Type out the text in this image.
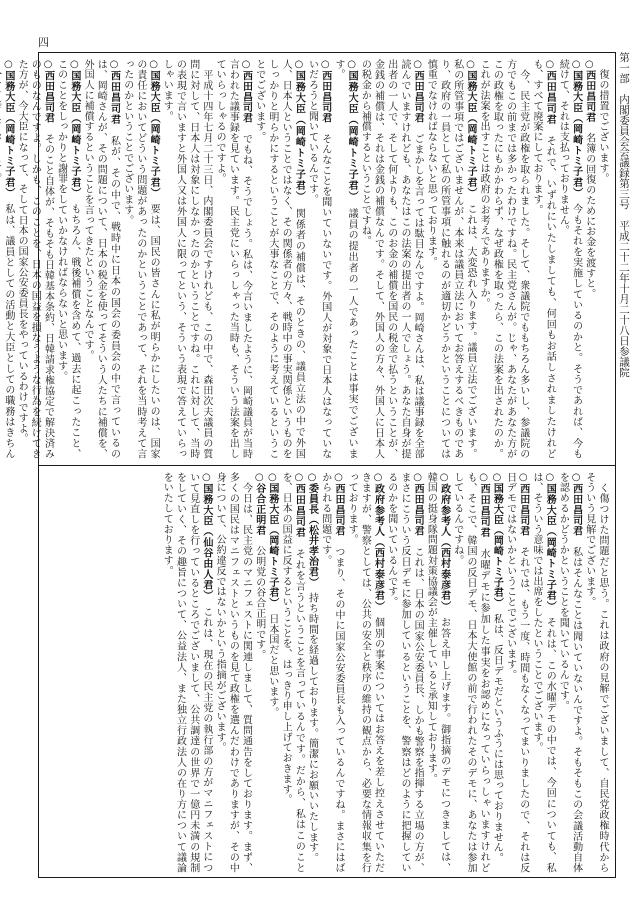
四
第一部　内閣委員会会議録第三号　平成二十二年十月二十八日参議院

　復の措置でございます。

○西田昌司君　名簿の回復のためにお金を渡すと。

○国務大臣（岡崎トミ子君）　今もそれを実施しているのかと。そうであれば、今も続けて、それは支払っておりません。

○西田昌司君　それで、いずれにいたしましても、何回もお話しされましたけれども、すべて廃案にしております。

　今、民主党が政権を取られました。そして、衆議院でももちろん多いし、参議院の方でもこの前までは多かったわけですね。民主党さんが。じゃ、あなたがあなた方がこの政権を取ったにもかかわらず、なぜ政権を取ったら、この法案を出されたのか。これが法案を出すことは政府のお考えでありますか。

○国務大臣（岡崎トミ子君）　これは、大変恐れ入ります。議員立法でございます。私の所管事項ではございませんが、本来は議員立法においてお答えするべきものであり、政府の一員として私の所管事項に触れるのが適切かどうかということについては慎重でなければならないと思っております。

○西田昌司君　ごまかしを言っては駄目なんですよ。岡崎さんは、私は議事録を全部読んでいますけれども、あなたはこの法案の提出者の一人でしょう。あなた自身が提出者の一人で、そして何よりも、このお金の補償を国民の税金で払うということが、金銭の補償は、それは金銭の補償なんです。そして、外国人の方々、外国人に日本人の税金から補償するということですね。

○国務大臣（岡崎トミ子君）　議員の提出者の一人であったことは事実でございます。

○西田昌司君　そんなことを聞いていないです。外国人が対象で日本人はなっていないだろうと聞いているんです。

○国務大臣（岡崎トミ子君）　関係者の補償は、そのときの、議員立法の中で外国人、日本人ということではなく、その関係者の方々、戦時中の事実関係というものをしっかりと明らかにするということが大事なことで、そのように考えているということでございます。

○西田昌司君　でもね、そうでしょう。私は、今言いましたように、岡崎議員が当時言われた議事録を見ています。民主党にいらっしゃった当時も、そういう法案を出していらっしゃるのですよ。

　平成十四年七月二十三日、内閣委員会ですけれども、この中で、森田次夫議員の質問に対して、日本人は対象にしなかったのかということですね。これに対して、当時の表現で言いますと外国人又は外国人に限ってという、そういう表現で答えていらっしゃいます。

○国務大臣（岡崎トミ子君）　要は、国民の皆さんに私が明らかにしたいのは、国家の責任においてどういう問題があったのかということであって、それを当時考えて言ったのかということでございます。

○西田昌司君　私が、その中で、戦時中に日本の国会の委員会の中で言っているのは、岡崎さんが、その問題について、日本の税金を使ってそういう人たちに補償を、外国人に補償するということを言ってきたということなんです。

○国務大臣（岡崎トミ子君）　もちろん、戦後補償を含めて、過去に起こったこと、このことをしっかりと謝罪をしていかなければならないと思います。

○西田昌司君　そのこと自体が、そもそも日韓基本条約、日韓請求権協定で解決済みのものなんですよ。しかも、このことを、日本の国益を損なうような行為を続けてきた方が、今大臣になって、そして日本の国家公安委員長をやっているわけですよ。

○国務大臣（岡崎トミ子君）　私は、議員としての活動と大臣としての職務はきちん

　く傷つけた問題だと思う。これは政府の見解でございまして、自民党政権時代からそういう見解でございます。

○西田昌司君　私はそんなことは聞いていないんですよ。そもそもこの会議活動自体を認めるかどうかということを聞いているんです。

○国務大臣（岡崎トミ子君）　それは、この水曜デモの中では、今回についても、私は、そういう意味では出席をしたということでございます。

○西田昌司君　それでは、もう一度、時間もなくなってまいりましたので、それは反日デモではないかということでございます。

○国務大臣（岡崎トミ子君）　私は、反日デモだというふうには思っておりません。

○西田昌司君　水曜デモに参加した事実をお認めになっていらっしゃいますけれども、そこで、韓国の反日デモ、日本大使館の前で行われたそのデモに、あなたは参加しているんですね。

○政府参考人（西村泰彦君）　お答え申し上げます。御指摘のデモにつきましては、韓国の挺身隊問題対策協議会が主催していると承知しております。

○西田昌司君　これは、日本の国家公安委員長、しかも警察を指揮する立場の方が、まさにこういう反日デモに参加しているということを、警察はどのように把握しているのかを聞いているんです。

○政府参考人（西村泰彦君）　個別の事案についてはお答えを差し控えさせていただきますが、警察としては、公共の安全と秩序の維持の観点から、必要な情報収集を行っております。

○西田昌司君　つまり、その中に国家公安委員長も入っているんですね。まさにはばかられる問題です。

○委員長（松井孝治君）　持ち時間を経過しております。簡潔にお願いいたします。

○西田昌司君　それを言うということを言っているんです。だから、私はこのことを、日本の国益に反するということを、はっきり申し上げておきます。

○国務大臣（岡崎トミ子君）　日本国だと思います。

○谷合正明君　公明党の谷合正明です。

　今日は、民主党のマニフェストに関連しまして、質問通告をしております。まず、多くの国民はマニフェストというものを見て政権を選んだわけでありますが、その中身について、公約違反ではないかという指摘がございます。

○国務大臣（仙谷由人君）　これは、現在の民主党の執行部の方がマニフェストについて見直しを行っているところでございまして、公共調達の世界で一億円未満の規制をしていく、その趣旨について、公益法人、また独立行政法人の在り方について議論をいたしております。
